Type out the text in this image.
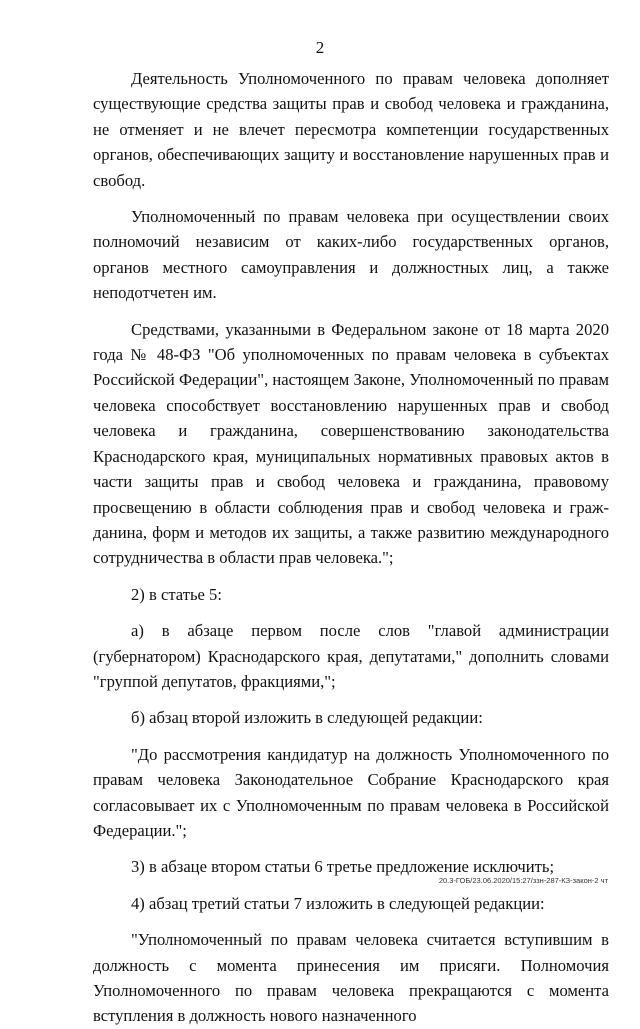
2

Деятельность Уполномоченного по правам человека дополняет существующие средства защиты прав и свобод человека и гражданина, не отменяет и не влечет пересмотра компетенции государственных органов, обеспечивающих защиту и восстановление нарушенных прав и свобод.

Уполномоченный по правам человека при осуществлении своих полномочий независим от каких-либо государственных органов, органов местного самоуправления и должностных лиц, а также неподотчетен им.

Средствами, указанными в Федеральном законе от 18 марта 2020 года № 48-ФЗ "Об уполномоченных по правам человека в субъектах Российской Федерации", настоящем Законе, Уполномоченный по правам человека способствует восстановлению нарушенных прав и свобод человека и гражданина, совершенствованию законодательства Краснодарского края, муниципальных нормативных правовых актов в части защиты прав и свобод человека и гражданина, правовому просвещению в области соблюдения прав и свобод человека и гражданина, форм и методов их защиты, а также развитию международного сотрудничества в области прав человека.";

2) в статье 5:

а) в абзаце первом после слов "главой администрации (губернатором) Краснодарского края, депутатами," дополнить словами "группой депутатов, фракциями,";

б) абзац второй изложить в следующей редакции:

"До рассмотрения кандидатур на должность Уполномоченного по правам человека Законодательное Собрание Краснодарского края согласовывает их с Уполномоченным по правам человека в Российской Федерации.";

3) в абзаце втором статьи 6 третье предложение исключить;

4) абзац третий статьи 7 изложить в следующей редакции:

"Уполномоченный по правам человека считается вступившим в должность с момента принесения им присяги. Полномочия Уполномоченного по правам человека прекращаются с момента вступления в должность нового назначенного

20.3-ГОБ/23.06.2020/15:27/ззн-287-КЗ-закон-2 чт
